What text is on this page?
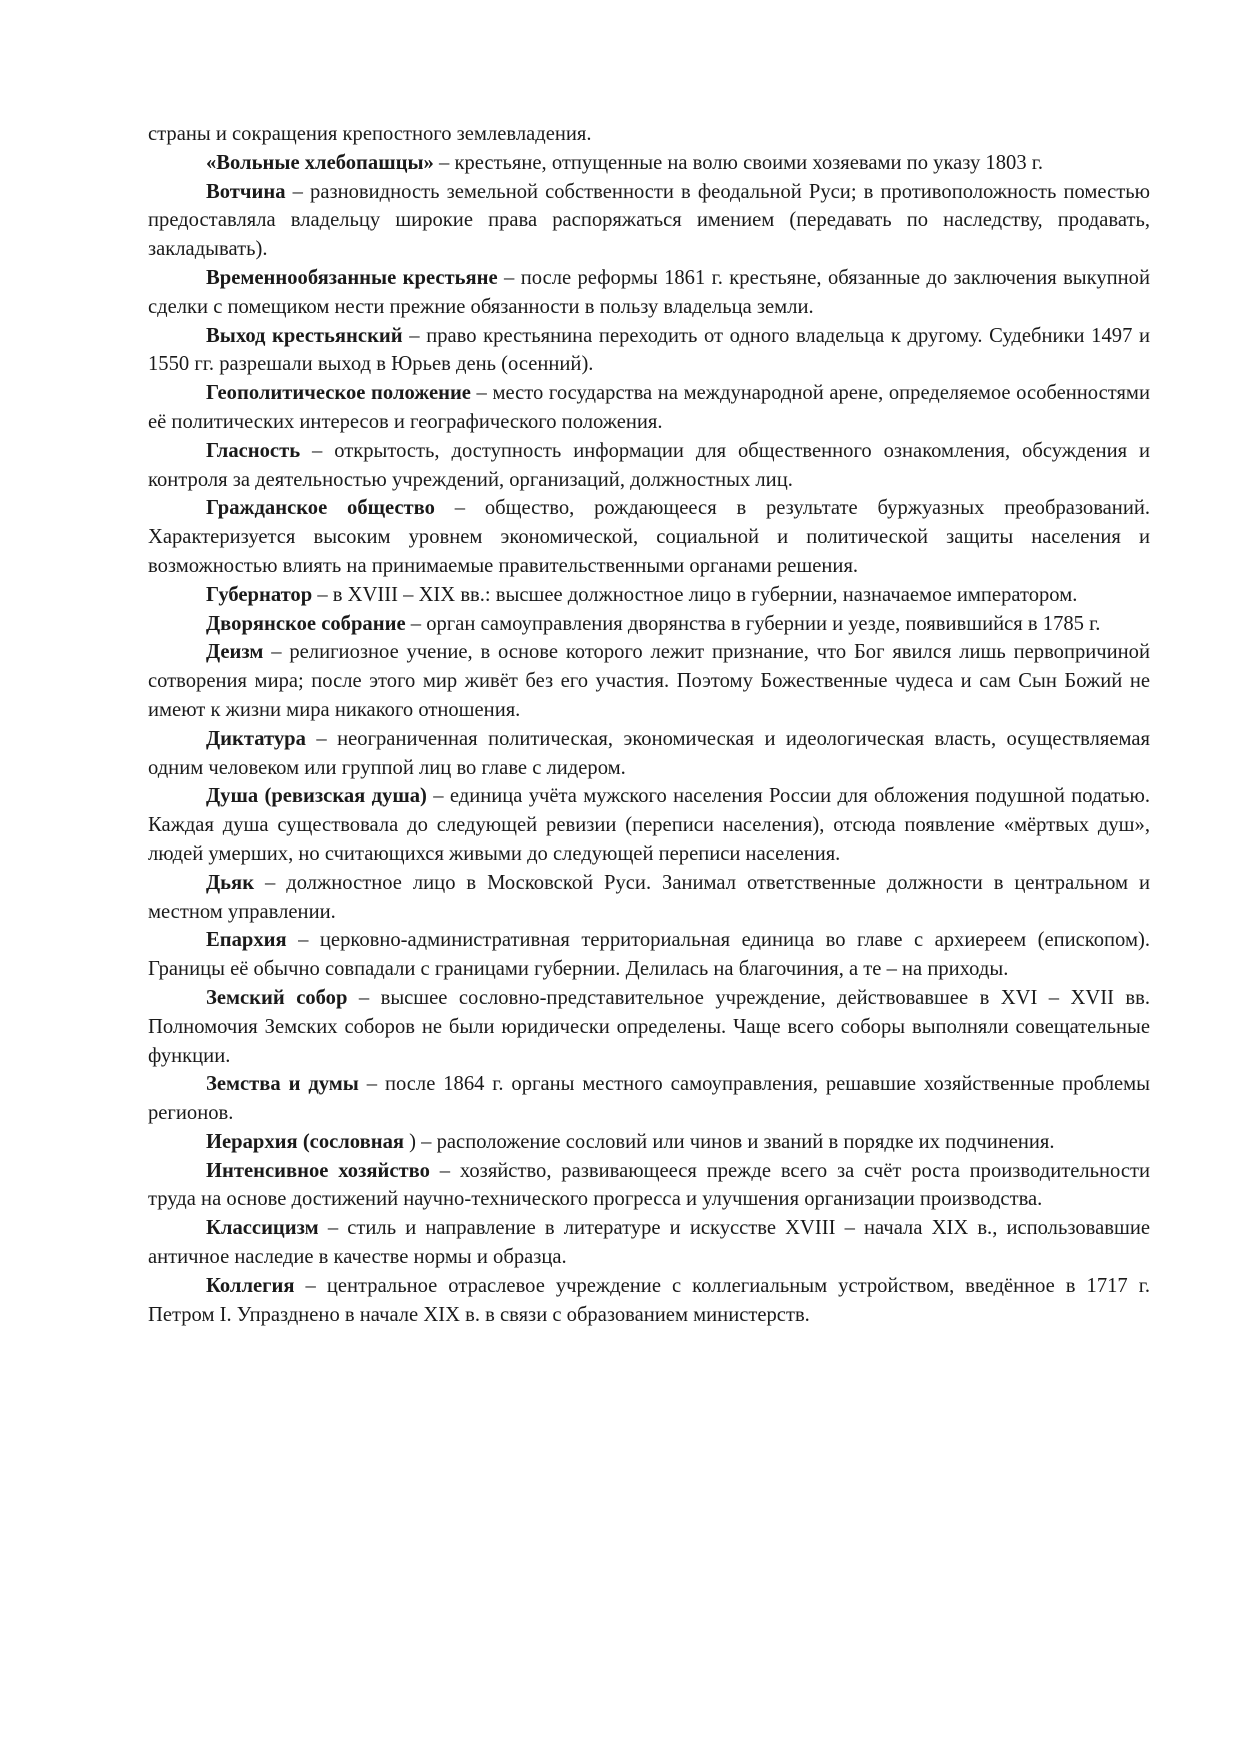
страны и сокращения крепостного землевладения.

«Вольные хлебопашцы» – крестьяне, отпущенные на волю своими хозяевами по указу 1803 г.

Вотчина – разновидность земельной собственности в феодальной Руси; в противоположность поместью предоставляла владельцу широкие права распоряжаться имением (передавать по наследству, продавать, закладывать).

Временнообязанные крестьяне – после реформы 1861 г. крестьяне, обязанные до заключения выкупной сделки с помещиком нести прежние обязанности в пользу владельца земли.

Выход крестьянский – право крестьянина переходить от одного владельца к другому. Судебники 1497 и 1550 гг. разрешали выход в Юрьев день (осенний).

Геополитическое положение – место государства на международной арене, определяемое особенностями её политических интересов и географического положения.

Гласность – открытость, доступность информации для общественного ознакомления, обсуждения и контроля за деятельностью учреждений, организаций, должностных лиц.

Гражданское общество – общество, рождающееся в результате буржуазных преобразований. Характеризуется высоким уровнем экономической, социальной и политической защиты населения и возможностью влиять на принимаемые правительственными органами решения.

Губернатор – в XVIII – XIX вв.: высшее должностное лицо в губернии, назначаемое императором.

Дворянское собрание – орган самоуправления дворянства в губернии и уезде, появившийся в 1785 г.

Деизм – религиозное учение, в основе которого лежит признание, что Бог явился лишь первопричиной сотворения мира; после этого мир живёт без его участия. Поэтому Божественные чудеса и сам Сын Божий не имеют к жизни мира никакого отношения.

Диктатура – неограниченная политическая, экономическая и идеологическая власть, осуществляемая одним человеком или группой лиц во главе с лидером.

Душа (ревизская душа) – единица учёта мужского населения России для обложения подушной податью. Каждая душа существовала до следующей ревизии (переписи населения), отсюда появление «мёртвых душ», людей умерших, но считающихся живыми до следующей переписи населения.

Дьяк – должностное лицо в Московской Руси. Занимал ответственные должности в центральном и местном управлении.

Епархия – церковно-административная территориальная единица во главе с архиереем (епископом). Границы её обычно совпадали с границами губернии. Делилась на благочиния, а те – на приходы.

Земский собор – высшее сословно-представительное учреждение, действовавшее в XVI – XVII вв. Полномочия Земских соборов не были юридически определены. Чаще всего соборы выполняли совещательные функции.

Земства и думы – после 1864 г. органы местного самоуправления, решавшие хозяйственные проблемы регионов.

Иерархия (сословная ) – расположение сословий или чинов и званий в порядке их подчинения.

Интенсивное хозяйство – хозяйство, развивающееся прежде всего за счёт роста производительности труда на основе достижений научно-технического прогресса и улучшения организации производства.

Классицизм – стиль и направление в литературе и искусстве XVIII – начала XIX в., использовавшие античное наследие в качестве нормы и образца.

Коллегия – центральное отраслевое учреждение с коллегиальным устройством, введённое в 1717 г. Петром I. Упразднено в начале XIX в. в связи с образованием министерств.
